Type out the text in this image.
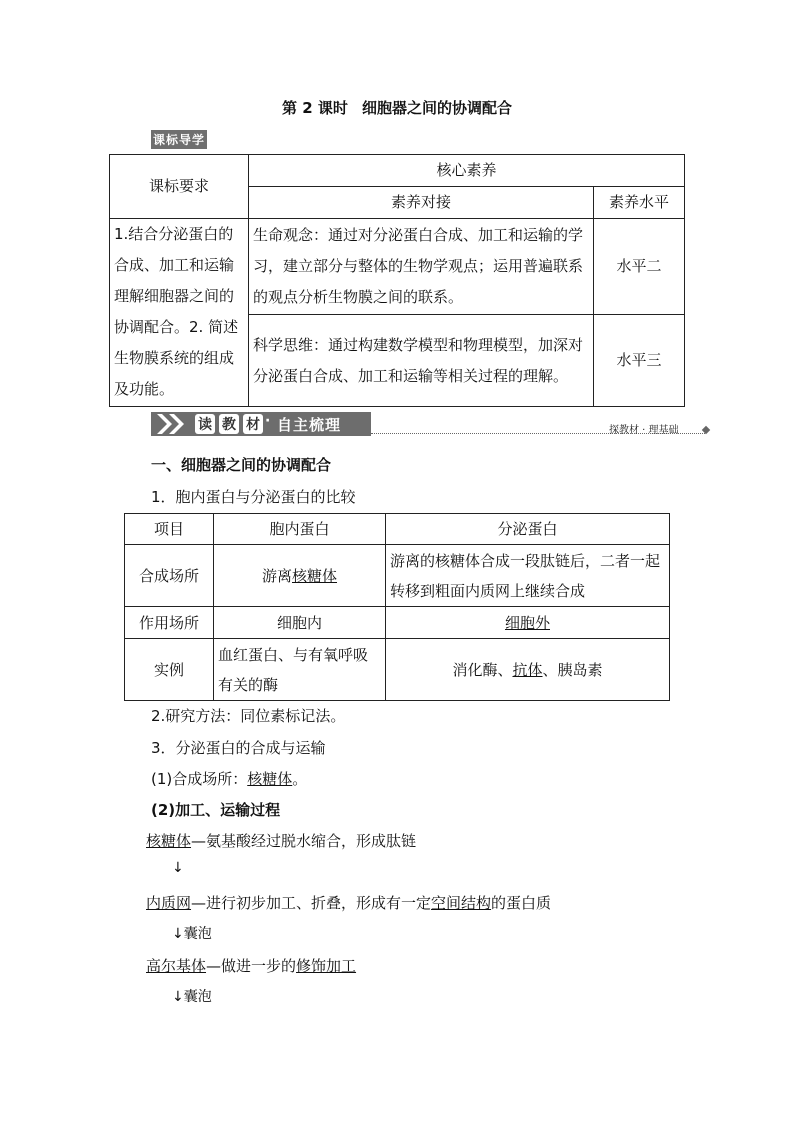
第 2 课时 细胞器之间的协调配合
课标导学
课标要求	核心素养	
	素养对接	素养水平
1.结合分泌蛋白的合成、加工和运输理解细胞器之间的协调配合。2. 简述生物膜系统的组成及功能。	生命观念：通过对分泌蛋白合成、加工和运输的学习，建立部分与整体的生物学观点；运用普遍联系的观点分析生物膜之间的联系。	水平二
	科学思维：通过构建数学模型和物理模型，加深对分泌蛋白合成、加工和运输等相关过程的理解。	水平三
读 教 材 · 自主梳理	探教材 · 理基础
一、细胞器之间的协调配合
1．胞内蛋白与分泌蛋白的比较
项目	胞内蛋白	分泌蛋白
合成场所	游离核糖体	游离的核糖体合成一段肽链后，二者一起转移到粗面内质网上继续合成
作用场所	细胞内	细胞外
实例	血红蛋白、与有氧呼吸有关的酶	消化酶、抗体、胰岛素
2.研究方法：同位素标记法。
3．分泌蛋白的合成与运输
(1)合成场所：核糖体。
(2)加工、运输过程
核糖体—氨基酸经过脱水缩合，形成肽链
↓
内质网—进行初步加工、折叠，形成有一定空间结构的蛋白质
↓囊泡
高尔基体—做进一步的修饰加工
↓囊泡
